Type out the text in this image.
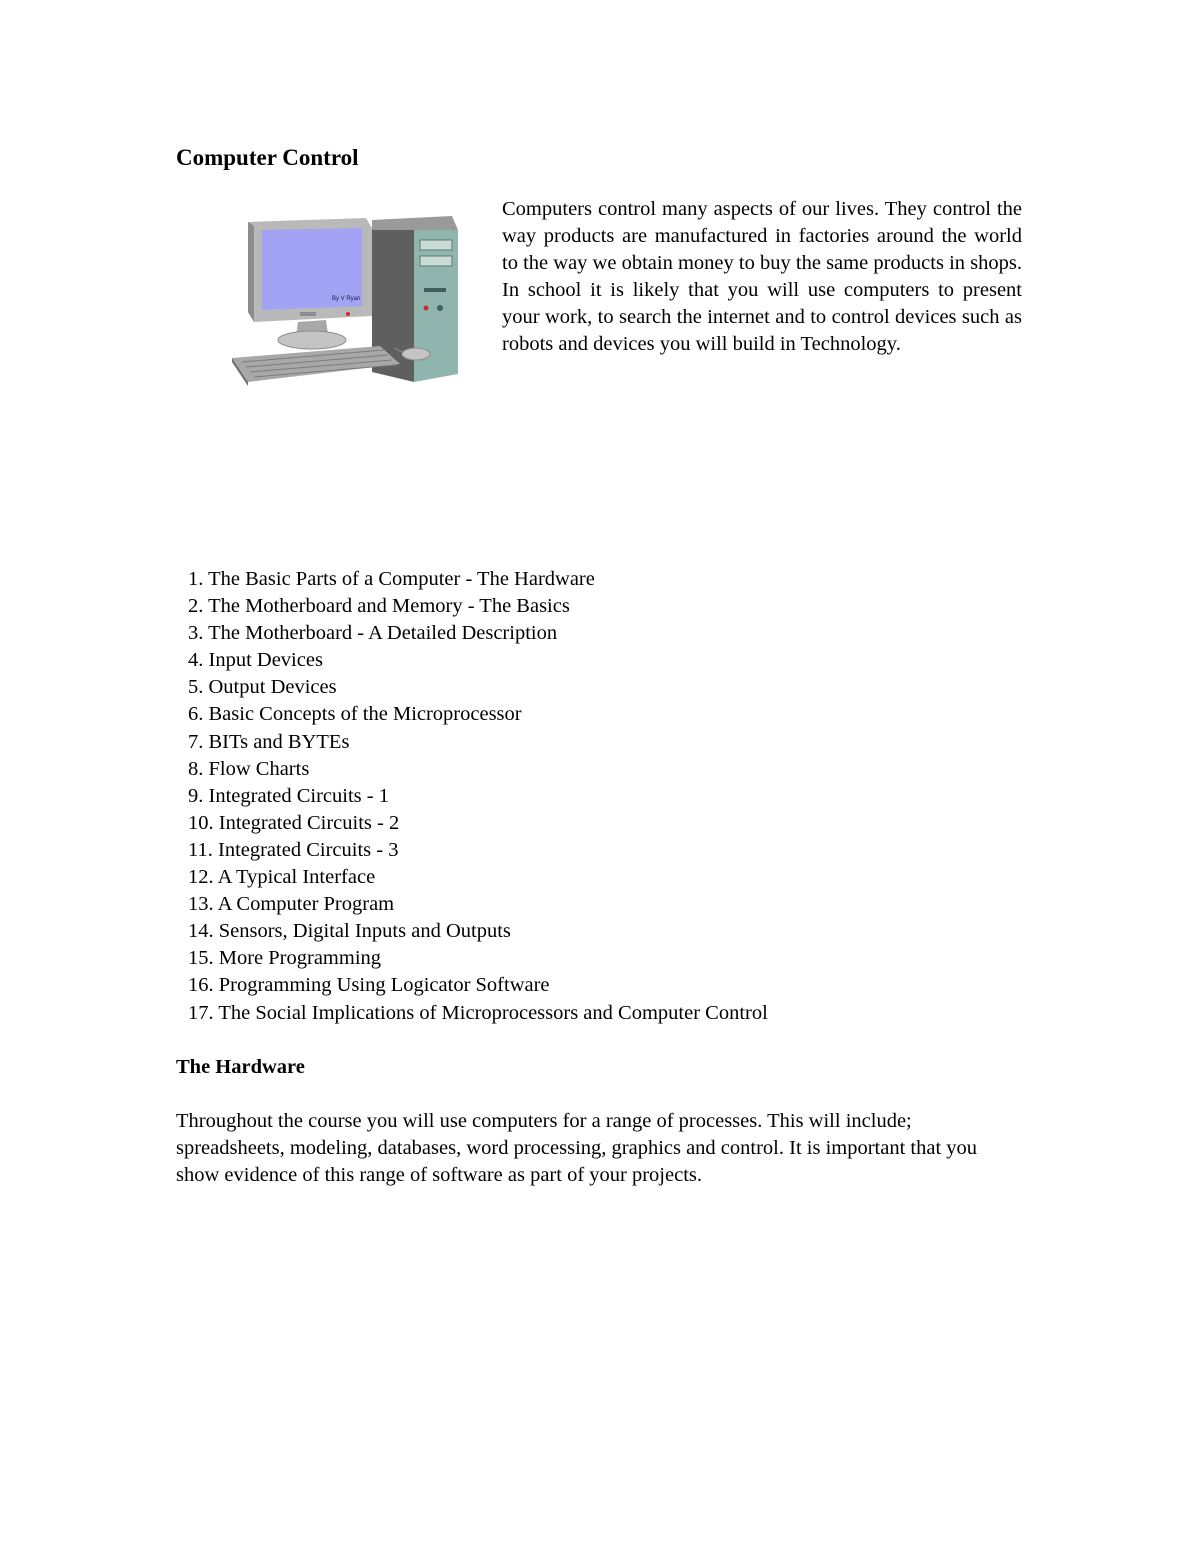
Computer Control

By V Ryan
Computers control many aspects of our lives. They control the way products are manufactured in factories around the world to the way we obtain money to buy the same products in shops. In school it is likely that you will use computers to present your work, to search the internet and to control devices such as robots and devices you will build in Technology.

1. The Basic Parts of a Computer - The Hardware
2. The Motherboard and Memory - The Basics
3. The Motherboard - A Detailed Description
4. Input Devices
5. Output Devices
6. Basic Concepts of the Microprocessor
7. BITs and BYTEs
8. Flow Charts
9. Integrated Circuits - 1
10. Integrated Circuits - 2
11. Integrated Circuits - 3
12. A Typical Interface
13. A Computer Program
14. Sensors, Digital Inputs and Outputs
15. More Programming
16. Programming Using Logicator Software
17. The Social Implications of Microprocessors and Computer Control
The Hardware

Throughout the course you will use computers for a range of processes. This will include; spreadsheets, modeling, databases, word processing, graphics and control. It is important that you show evidence of this range of software as part of your projects.
